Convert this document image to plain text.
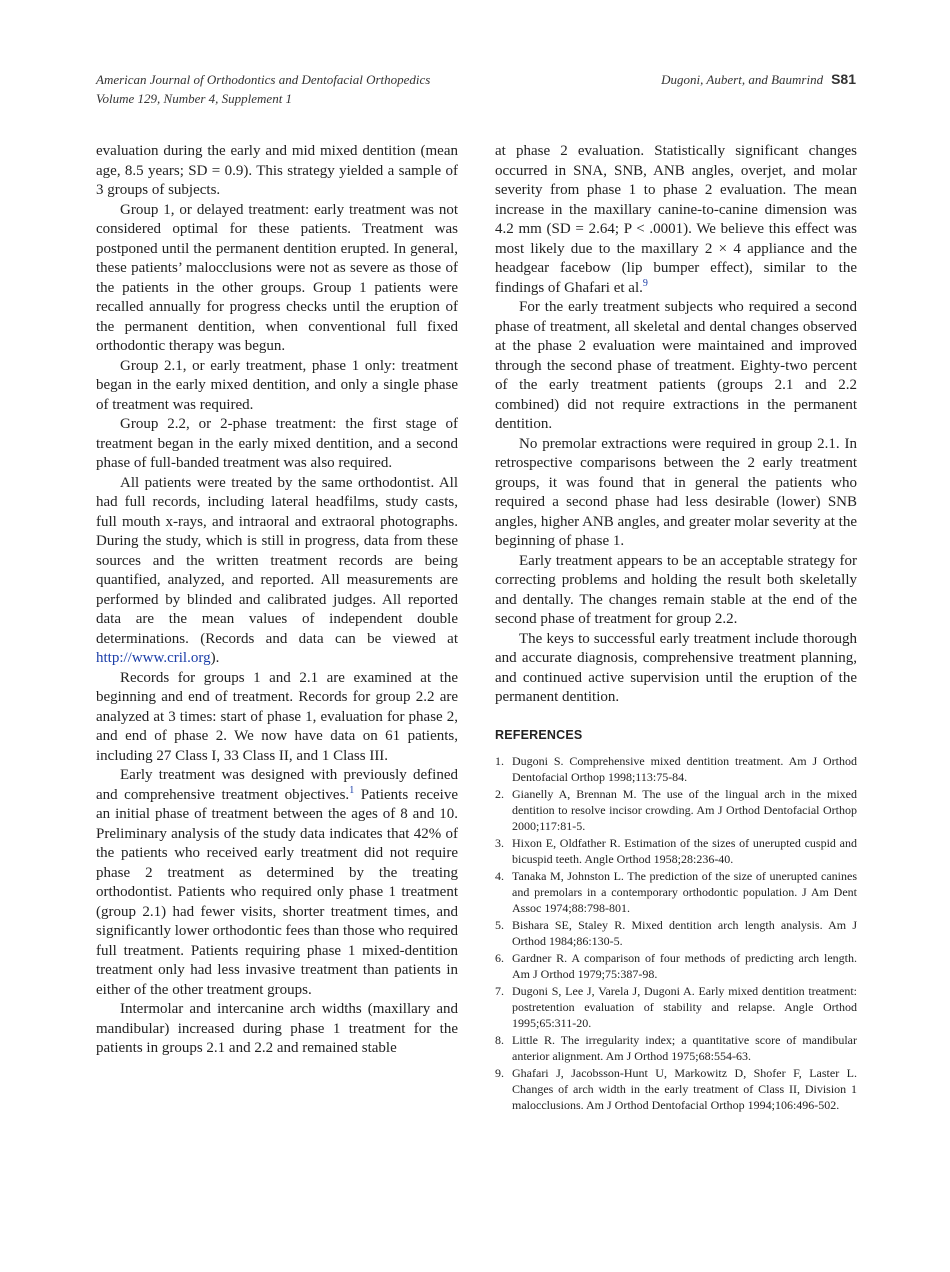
American Journal of Orthodontics and Dentofacial Orthopedics
Volume 129, Number 4, Supplement 1
Dugoni, Aubert, and Baumrind S81

evaluation during the early and mid mixed dentition (mean age, 8.5 years; SD = 0.9). This strategy yielded a sample of 3 groups of subjects.

Group 1, or delayed treatment: early treatment was not considered optimal for these patients. Treatment was postponed until the permanent dentition erupted. In general, these patients’ malocclusions were not as severe as those of the patients in the other groups. Group 1 patients were recalled annually for progress checks until the eruption of the permanent dentition, when conventional full fixed orthodontic therapy was begun.

Group 2.1, or early treatment, phase 1 only: treatment began in the early mixed dentition, and only a single phase of treatment was required.

Group 2.2, or 2-phase treatment: the first stage of treatment began in the early mixed dentition, and a second phase of full-banded treatment was also required.

All patients were treated by the same orthodontist. All had full records, including lateral headfilms, study casts, full mouth x-rays, and intraoral and extraoral photographs. During the study, which is still in progress, data from these sources and the written treatment records are being quantified, analyzed, and reported. All measurements are performed by blinded and calibrated judges. All reported data are the mean values of independent double determinations. (Records and data can be viewed at http://www.cril.org).

Records for groups 1 and 2.1 are examined at the beginning and end of treatment. Records for group 2.2 are analyzed at 3 times: start of phase 1, evaluation for phase 2, and end of phase 2. We now have data on 61 patients, including 27 Class I, 33 Class II, and 1 Class III.

Early treatment was designed with previously defined and comprehensive treatment objectives.$^1$ Patients receive an initial phase of treatment between the ages of 8 and 10. Preliminary analysis of the study data indicates that 42% of the patients who received early treatment did not require phase 2 treatment as determined by the treating orthodontist. Patients who required only phase 1 treatment (group 2.1) had fewer visits, shorter treatment times, and significantly lower orthodontic fees than those who required full treatment. Patients requiring phase 1 mixed-dentition treatment only had less invasive treatment than patients in either of the other treatment groups.

Intermolar and intercanine arch widths (maxillary and mandibular) increased during phase 1 treatment for the patients in groups 2.1 and 2.2 and remained stable

at phase 2 evaluation. Statistically significant changes occurred in SNA, SNB, ANB angles, overjet, and molar severity from phase 1 to phase 2 evaluation. The mean increase in the maxillary canine-to-canine dimension was 4.2 mm (SD = 2.64; P < .0001). We believe this effect was most likely due to the maxillary 2 × 4 appliance and the headgear facebow (lip bumper effect), similar to the findings of Ghafari et al.$^9$

For the early treatment subjects who required a second phase of treatment, all skeletal and dental changes observed at the phase 2 evaluation were maintained and improved through the second phase of treatment. Eighty-two percent of the early treatment patients (groups 2.1 and 2.2 combined) did not require extractions in the permanent dentition.

No premolar extractions were required in group 2.1. In retrospective comparisons between the 2 early treatment groups, it was found that in general the patients who required a second phase had less desirable (lower) SNB angles, higher ANB angles, and greater molar severity at the beginning of phase 1.

Early treatment appears to be an acceptable strategy for correcting problems and holding the result both skeletally and dentally. The changes remain stable at the end of the second phase of treatment for group 2.2.

The keys to successful early treatment include thorough and accurate diagnosis, comprehensive treatment planning, and continued active supervision until the eruption of the permanent dentition.

REFERENCES
1. Dugoni S. Comprehensive mixed dentition treatment. Am J Orthod Dentofacial Orthop 1998;113:75-84.
2. Gianelly A, Brennan M. The use of the lingual arch in the mixed dentition to resolve incisor crowding. Am J Orthod Dentofacial Orthop 2000;117:81-5.
3. Hixon E, Oldfather R. Estimation of the sizes of unerupted cuspid and bicuspid teeth. Angle Orthod 1958;28:236-40.
4. Tanaka M, Johnston L. The prediction of the size of unerupted canines and premolars in a contemporary orthodontic population. J Am Dent Assoc 1974;88:798-801.
5. Bishara SE, Staley R. Mixed dentition arch length analysis. Am J Orthod 1984;86:130-5.
6. Gardner R. A comparison of four methods of predicting arch length. Am J Orthod 1979;75:387-98.
7. Dugoni S, Lee J, Varela J, Dugoni A. Early mixed dentition treatment: postretention evaluation of stability and relapse. Angle Orthod 1995;65:311-20.
8. Little R. The irregularity index; a quantitative score of mandibular anterior alignment. Am J Orthod 1975;68:554-63.
9. Ghafari J, Jacobsson-Hunt U, Markowitz D, Shofer F, Laster L. Changes of arch width in the early treatment of Class II, Division 1 malocclusions. Am J Orthod Dentofacial Orthop 1994;106:496-502.
